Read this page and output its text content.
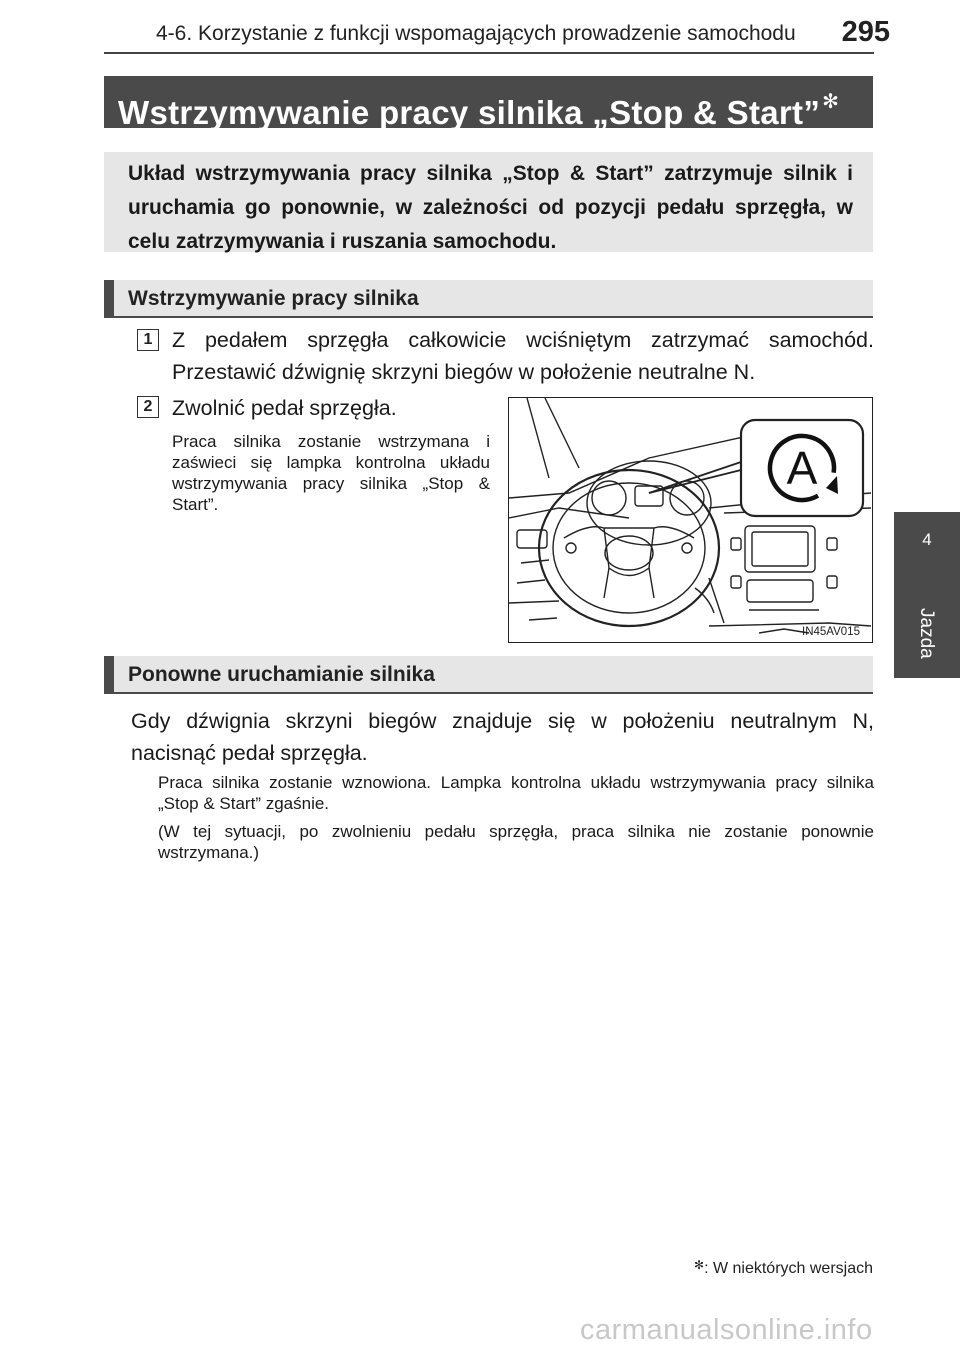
4-6. Korzystanie z funkcji wspomagających prowadzenie samochodu	295
Wstrzymywanie pracy silnika „Stop & Start” ✻
Układ wstrzymywania pracy silnika „Stop & Start” zatrzymuje silnik i uruchamia go ponownie, w zależności od pozycji pedału sprzęgła, w celu zatrzymywania i ruszania samochodu.
Wstrzymywanie pracy silnika
1 Z pedałem sprzęgła całkowicie wciśniętym zatrzymać samochód. Przestawić dźwignię skrzyni biegów w położenie neutralne N.
2 Zwolnić pedał sprzęgła.
Praca silnika zostanie wstrzymana i zaświeci się lampka kontrolna układu wstrzymywania pracy silnika „Stop & Start”.
A
IN45AV015
Ponowne uruchamianie silnika
Gdy dźwignia skrzyni biegów znajduje się w położeniu neutralnym N, nacisnąć pedał sprzęgła.
Praca silnika zostanie wznowiona. Lampka kontrolna układu wstrzymywania pracy silnika „Stop & Start” zgaśnie.
(W tej sytuacji, po zwolnieniu pedału sprzęgła, praca silnika nie zostanie ponownie wstrzymana.)
4
Jazda
✻: W niektórych wersjach
carmanualsonline.info
